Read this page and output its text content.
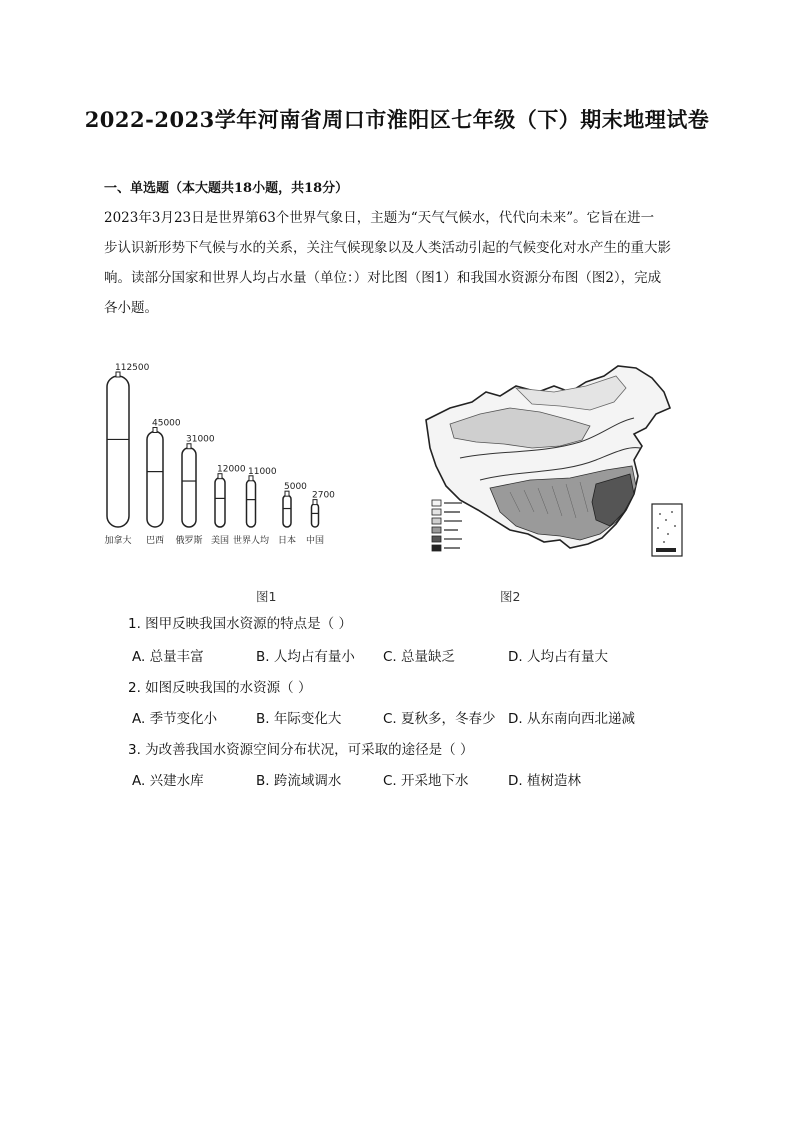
2022-2023学年河南省周口市淮阳区七年级（下）期末地理试卷
一、单选题（本大题共18小题，共18分）
2023年3月23日是世界第63个世界气象日，主题为“天气气候水，代代向未来”。它旨在进一
步认识新形势下气候与水的关系，关注气候现象以及人类活动引起的气候变化对水产生的重大影
响。读部分国家和世界人均占水量（单位：）对比图（图1）和我国水资源分布图（图2），完成
各小题。
112500
加拿大
45000
巴西
31000
俄罗斯
12000
美国
11000
世界人均
5000
日本
2700
中国
图1	图2
1. 图甲反映我国水资源的特点是（ ）
A. 总量丰富	B. 人均占有量小 C. 总量缺乏	D. 人均占有量大
2. 如图反映我国的水资源（ ）
A. 季节变化小	B. 年际变化大	C. 夏秋多，冬春少 D. 从东南向西北递减
3. 为改善我国水资源空间分布状况，可采取的途径是（ ）
A. 兴建水库	B. 跨流域调水	C. 开采地下水	D. 植树造林
